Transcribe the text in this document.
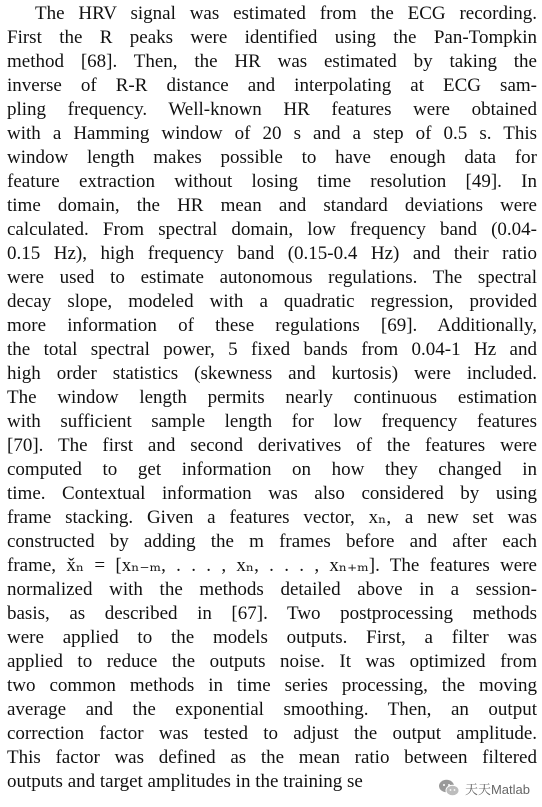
The HRV signal was estimated from the ECG recording.
First the R peaks were identified using the Pan-Tompkin
method [68]. Then, the HR was estimated by taking the
inverse of R-R distance and interpolating at ECG sam-
pling frequency. Well-known HR features were obtained
with a Hamming window of 20 s and a step of 0.5 s. This
window length makes possible to have enough data for
feature extraction without losing time resolution [49]. In
time domain, the HR mean and standard deviations were
calculated. From spectral domain, low frequency band (0.04-
0.15 Hz), high frequency band (0.15-0.4 Hz) and their ratio
were used to estimate autonomous regulations. The spectral
decay slope, modeled with a quadratic regression, provided
more information of these regulations [69]. Additionally,
the total spectral power, 5 fixed bands from 0.04-1 Hz and
high order statistics (skewness and kurtosis) were included.
The window length permits nearly continuous estimation
with sufficient sample length for low frequency features
[70]. The first and second derivatives of the features were
computed to get information on how they changed in
time. Contextual information was also considered by using
frame stacking. Given a features vector, xₙ, a new set was
constructed by adding the m frames before and after each
frame, x̌ₙ = [xₙ₋ₘ, . . . , xₙ, . . . , xₙ₊ₘ]. The features were
normalized with the methods detailed above in a session-
basis, as described in [67]. Two postprocessing methods
were applied to the models outputs. First, a filter was
applied to reduce the outputs noise. It was optimized from
two common methods in time series processing, the moving
average and the exponential smoothing. Then, an output
correction factor was tested to adjust the output amplitude.
This factor was defined as the mean ratio between filtered
outputs and target amplitudes in the training se	天天Matlab
